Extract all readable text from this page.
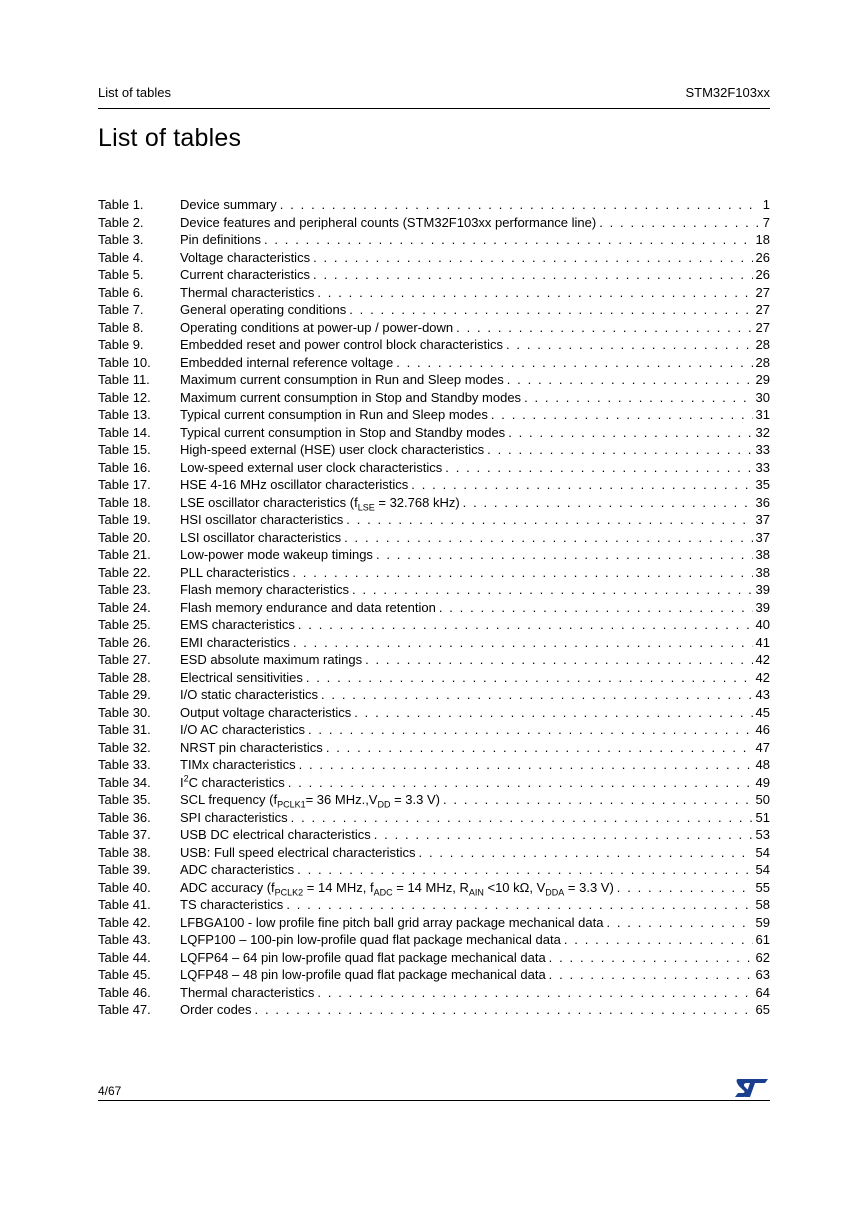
List of tables	STM32F103xx
List of tables
Table 1.	Device summary . . .	1
Table 2.	Device features and peripheral counts (STM32F103xx performance line) . . .	7
Table 3.	Pin definitions . . .	18
Table 4.	Voltage characteristics . . .	26
Table 5.	Current characteristics . . .	26
Table 6.	Thermal characteristics . . .	27
Table 7.	General operating conditions . . .	27
Table 8.	Operating conditions at power-up / power-down . . .	27
Table 9.	Embedded reset and power control block characteristics . . .	28
Table 10.	Embedded internal reference voltage . . .	28
Table 11.	Maximum current consumption in Run and Sleep modes . . .	29
Table 12.	Maximum current consumption in Stop and Standby modes . . .	30
Table 13.	Typical current consumption in Run and Sleep modes . . .	31
Table 14.	Typical current consumption in Stop and Standby modes . . .	32
Table 15.	High-speed external (HSE) user clock characteristics . . .	33
Table 16.	Low-speed external user clock characteristics . . .	33
Table 17.	HSE 4-16 MHz oscillator characteristics . . .	35
Table 18.	LSE oscillator characteristics ($f_{LSE} = 32.768$ kHz) . . .	36
Table 19.	HSI oscillator characteristics . . .	37
Table 20.	LSI oscillator characteristics . . .	37
Table 21.	Low-power mode wakeup timings . . .	38
Table 22.	PLL characteristics . . .	38
Table 23.	Flash memory characteristics . . .	39
Table 24.	Flash memory endurance and data retention . . .	39
Table 25.	EMS characteristics . . .	40
Table 26.	EMI characteristics . . .	41
Table 27.	ESD absolute maximum ratings . . .	42
Table 28.	Electrical sensitivities . . .	42
Table 29.	I/O static characteristics . . .	43
Table 30.	Output voltage characteristics . . .	45
Table 31.	I/O AC characteristics . . .	46
Table 32.	NRST pin characteristics . . .	47
Table 33.	TIMx characteristics . . .	48
Table 34.	$I^2C$ characteristics . . .	49
Table 35.	SCL frequency ($f_{PCLK1}= 36$ $MHz.,V_{DD} = 3.3$ V) . . .	50
Table 36.	SPI characteristics . . .	51
Table 37.	USB DC electrical characteristics . . .	53
Table 38.	USB: Full speed electrical characteristics . . .	54
Table 39.	ADC characteristics . . .	54
Table 40.	ADC accuracy ($f_{PCLK2} = 14$ MHz, $f_{ADC} = 14$ MHz, $R_{AIN} <10$ kΩ, $V_{DDA} = 3.3$ V) . . .	55
Table 41.	TS characteristics . . .	58
Table 42.	LFBGA100 - low profile fine pitch ball grid array package mechanical data . . .	59
Table 43.	LQFP100 – 100-pin low-profile quad flat package mechanical data . . .	61
Table 44.	LQFP64 – 64 pin low-profile quad flat package mechanical data . . .	62
Table 45.	LQFP48 – 48 pin low-profile quad flat package mechanical data . . .	63
Table 46.	Thermal characteristics . . .	64
Table 47.	Order codes . . .	65
4/67
